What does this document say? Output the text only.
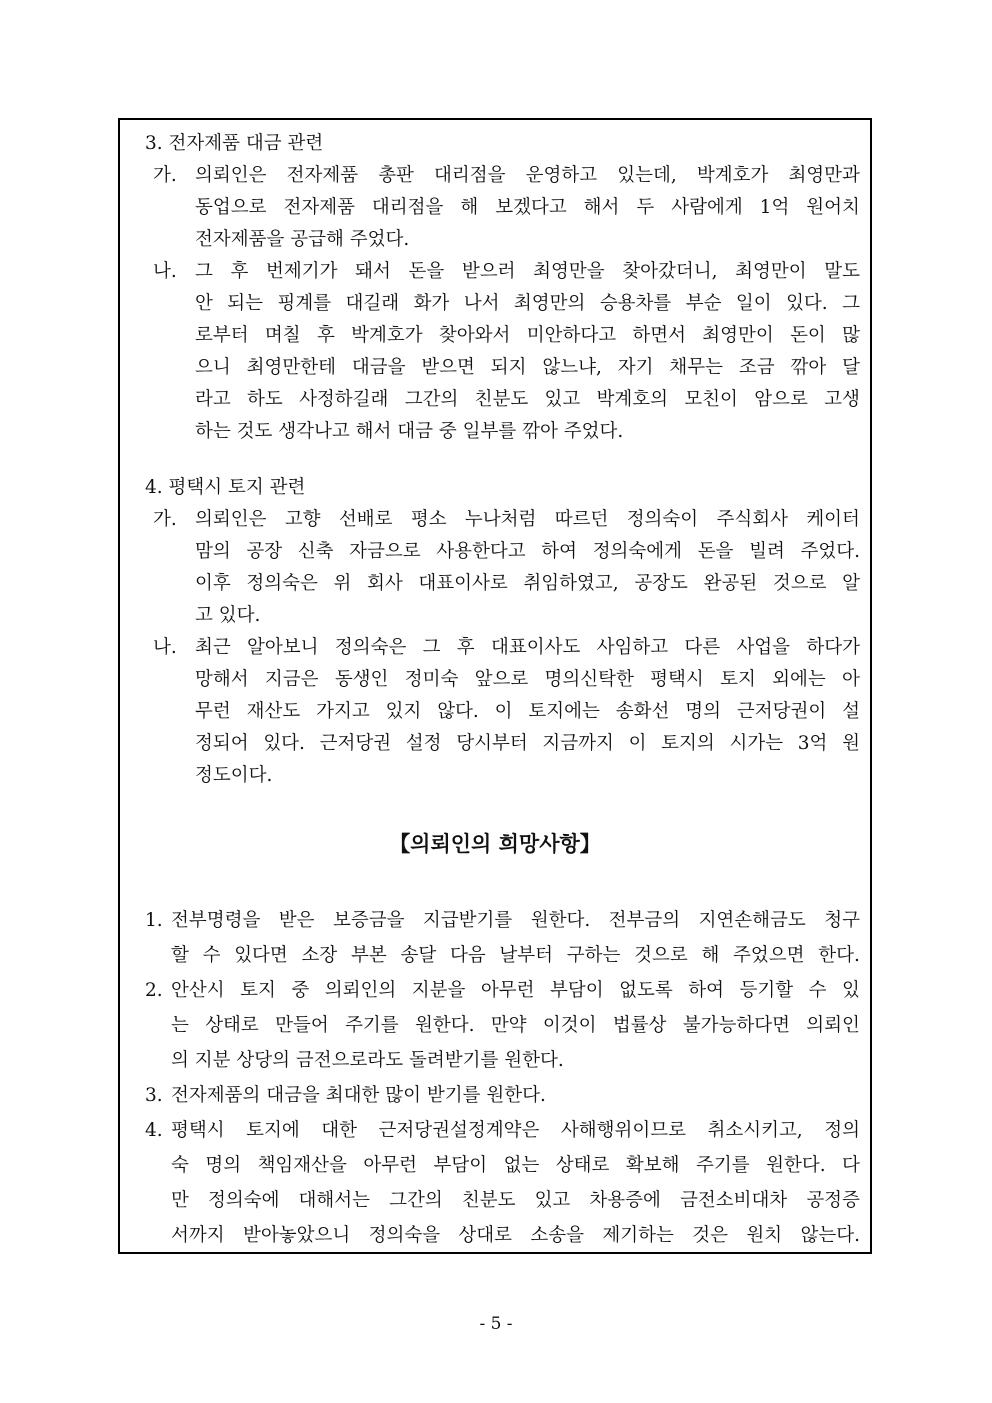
3. 전자제품 대금 관련
가. 의뢰인은 전자제품 총판 대리점을 운영하고 있는데, 박계호가 최영만과
동업으로 전자제품 대리점을 해 보겠다고 해서 두 사람에게 1억 원어치
전자제품을 공급해 주었다.
나. 그 후 번제기가 돼서 돈을 받으러 최영만을 찾아갔더니, 최영만이 말도
안 되는 핑계를 대길래 화가 나서 최영만의 승용차를 부순 일이 있다. 그
로부터 며칠 후 박계호가 찾아와서 미안하다고 하면서 최영만이 돈이 많
으니 최영만한테 대금을 받으면 되지 않느냐, 자기 채무는 조금 깎아 달
라고 하도 사정하길래 그간의 친분도 있고 박계호의 모친이 암으로 고생
하는 것도 생각나고 해서 대금 중 일부를 깎아 주었다.
4. 평택시 토지 관련
가. 의뢰인은 고향 선배로 평소 누나처럼 따르던 정의숙이 주식회사 케이터
맘의 공장 신축 자금으로 사용한다고 하여 정의숙에게 돈을 빌려 주었다.
이후 정의숙은 위 회사 대표이사로 취임하였고, 공장도 완공된 것으로 알
고 있다.
나. 최근 알아보니 정의숙은 그 후 대표이사도 사임하고 다른 사업을 하다가
망해서 지금은 동생인 정미숙 앞으로 명의신탁한 평택시 토지 외에는 아
무런 재산도 가지고 있지 않다. 이 토지에는 송화선 명의 근저당권이 설
정되어 있다. 근저당권 설정 당시부터 지금까지 이 토지의 시가는 3억 원
정도이다.
【의뢰인의 희망사항】
1. 전부명령을 받은 보증금을 지급받기를 원한다. 전부금의 지연손해금도 청구
할 수 있다면 소장 부본 송달 다음 날부터 구하는 것으로 해 주었으면 한다.
2. 안산시 토지 중 의뢰인의 지분을 아무런 부담이 없도록 하여 등기할 수 있
는 상태로 만들어 주기를 원한다. 만약 이것이 법률상 불가능하다면 의뢰인
의 지분 상당의 금전으로라도 돌려받기를 원한다.
3. 전자제품의 대금을 최대한 많이 받기를 원한다.
4. 평택시 토지에 대한 근저당권설정계약은 사해행위이므로 취소시키고, 정의
숙 명의 책임재산을 아무런 부담이 없는 상태로 확보해 주기를 원한다. 다
만 정의숙에 대해서는 그간의 친분도 있고 차용증에 금전소비대차 공정증
서까지 받아놓았으니 정의숙을 상대로 소송을 제기하는 것은 원치 않는다.
- 5 -
